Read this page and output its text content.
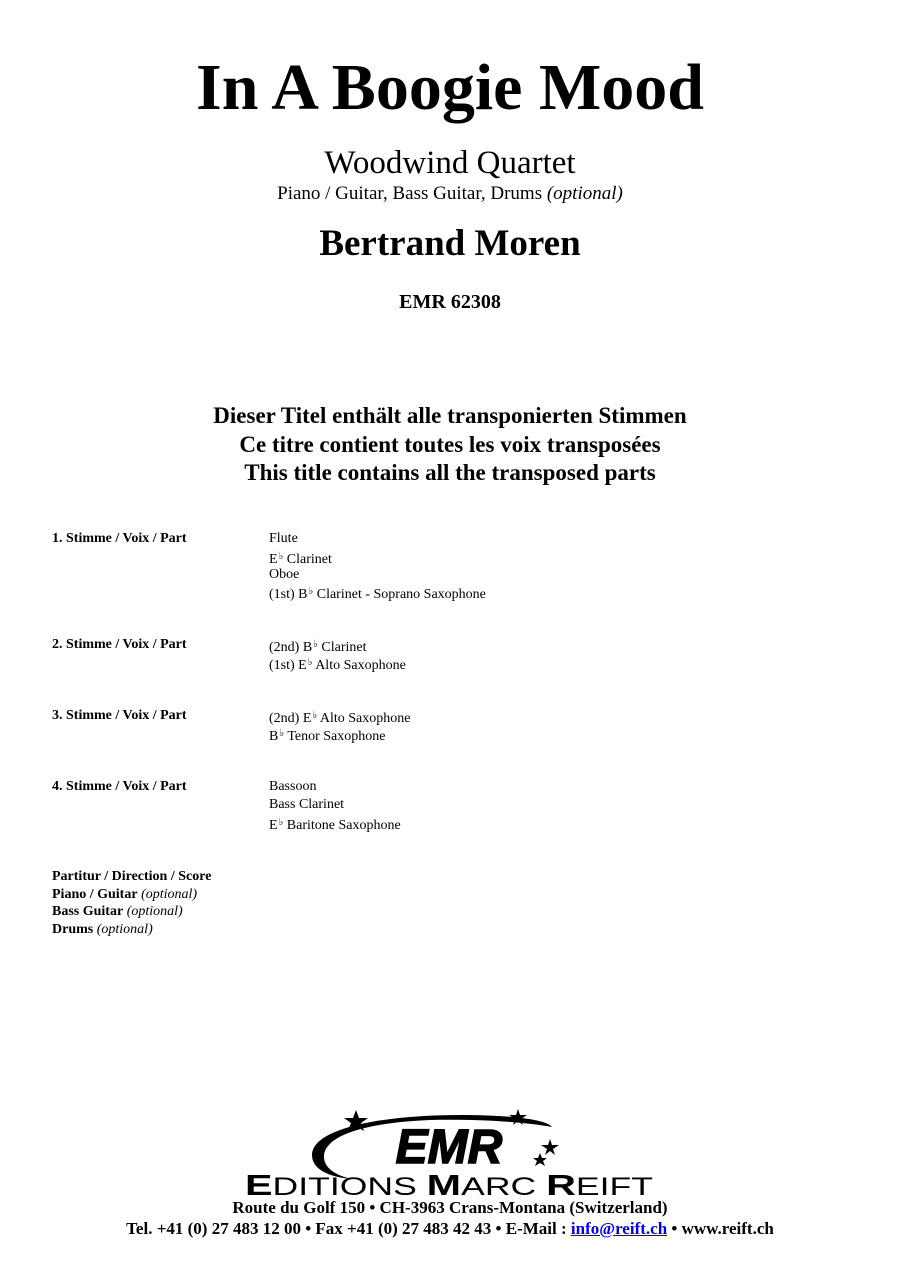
In A Boogie Mood
Woodwind Quartet
Piano / Guitar, Bass Guitar, Drums (optional)
Bertrand Moren
EMR 62308
Dieser Titel enthält alle transponierten Stimmen
Ce titre contient toutes les voix transposées
This title contains all the transposed parts
1. Stimme / Voix / Part	Flute
E♭ Clarinet
Oboe
(1st) B♭ Clarinet - Soprano Saxophone
2. Stimme / Voix / Part	(2nd) B♭ Clarinet
(1st) E♭ Alto Saxophone
3. Stimme / Voix / Part	(2nd) E♭ Alto Saxophone
B♭ Tenor Saxophone
4. Stimme / Voix / Part	Bassoon
Bass Clarinet
E♭ Baritone Saxophone
Partitur / Direction / Score
Piano / Guitar (optional)
Bass Guitar (optional)
Drums (optional)
EMR
E DITIONS M ARC R EIFT
Route du Golf 150 • CH-3963 Crans-Montana (Switzerland)
Tel. +41 (0) 27 483 12 00 • Fax +41 (0) 27 483 42 43 • E-Mail : info@reift.ch • www.reift.ch
